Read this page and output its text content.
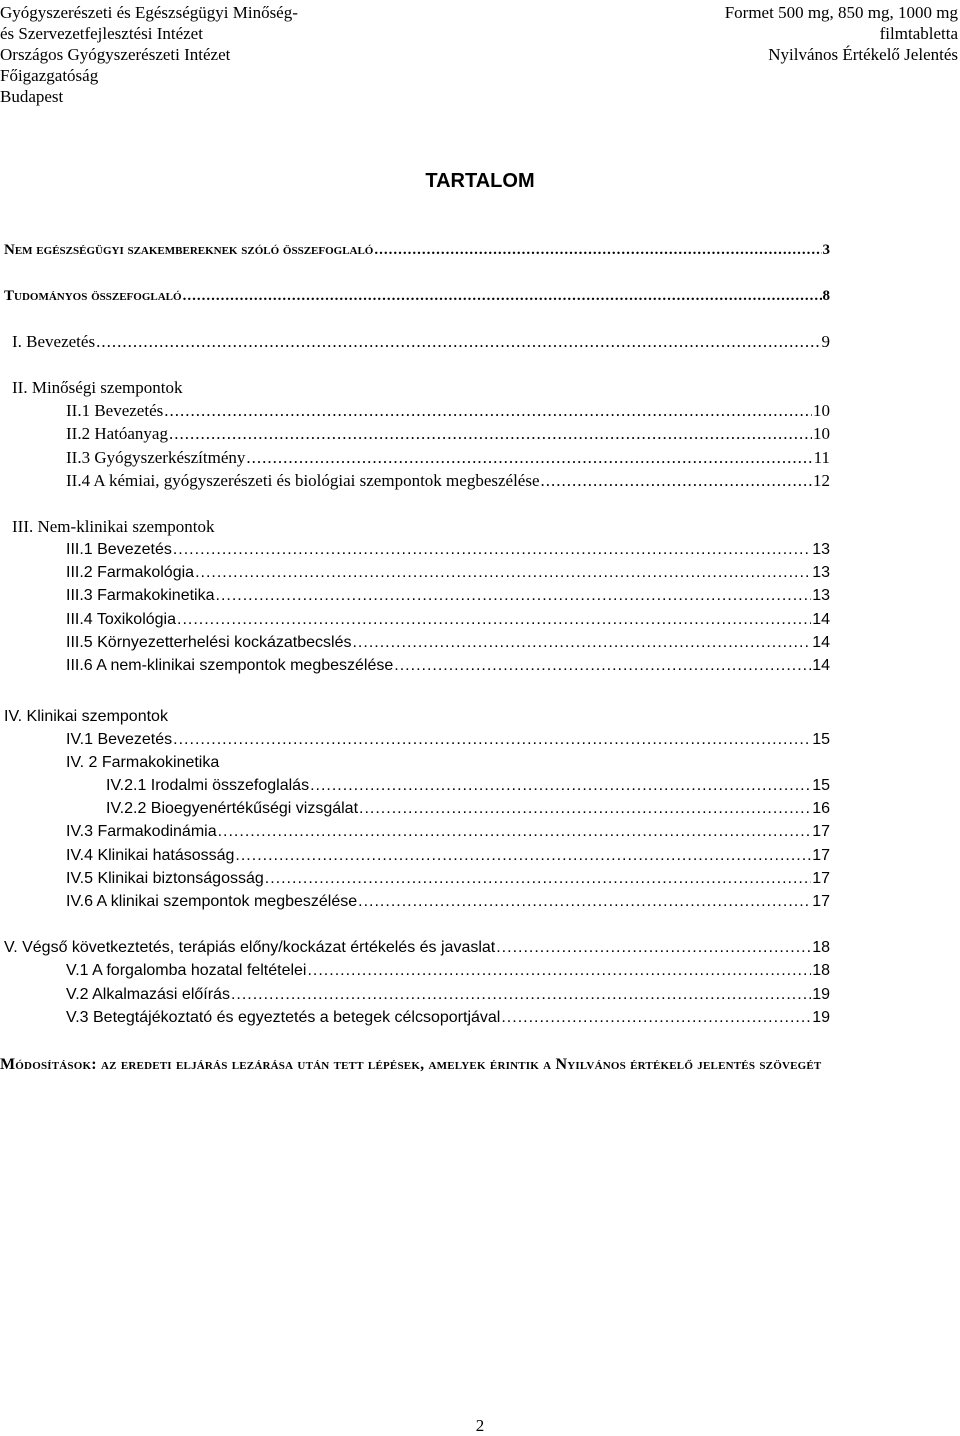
Gyógyszerészeti és Egészségügyi Minőség-
és Szervezetfejlesztési Intézet
Országos Gyógyszerészeti Intézet
Főigazgatóság
Budapest
Formet 500 mg, 850 mg, 1000 mg
filmtabletta
Nyilvános Értékelő Jelentés
TARTALOM
Nem egészségügyi szakembereknek szóló összefoglaló .....	3
Tudományos összefoglaló .....	8
I. Bevezetés .....	9
II. Minőségi szempontok
II.1 Bevezetés .....	10
II.2 Hatóanyag .....	10
II.3 Gyógyszerkészítmény .....	11
II.4 A kémiai, gyógyszerészeti és biológiai szempontok megbeszélése .....	12
III. Nem-klinikai szempontok
III.1 Bevezetés .....	13
III.2 Farmakológia .....	13
III.3 Farmakokinetika .....	13
III.4 Toxikológia .....	14
III.5 Környezetterhelési kockázatbecslés .....	14
III.6 A nem-klinikai szempontok megbeszélése .....	14
IV. Klinikai szempontok
IV.1 Bevezetés .....	15
IV. 2 Farmakokinetika
IV.2.1 Irodalmi összefoglalás .....	15
IV.2.2 Bioegyenértékűségi vizsgálat .....	16
IV.3 Farmakodinámia .....	17
IV.4 Klinikai hatásosság .....	17
IV.5 Klinikai biztonságosság .....	17
IV.6 A klinikai szempontok megbeszélése .....	17
V. Végső következtetés, terápiás előny/kockázat értékelés és javaslat .....	18
V.1 A forgalomba hozatal feltételei .....	18
V.2 Alkalmazási előírás .....	19
V.3 Betegtájékoztató és egyeztetés a betegek célcsoportjával .....	19
Módosítások: az eredeti eljárás lezárása után tett lépések, amelyek érintik a Nyilvános értékelő jelentés szövegét
2
